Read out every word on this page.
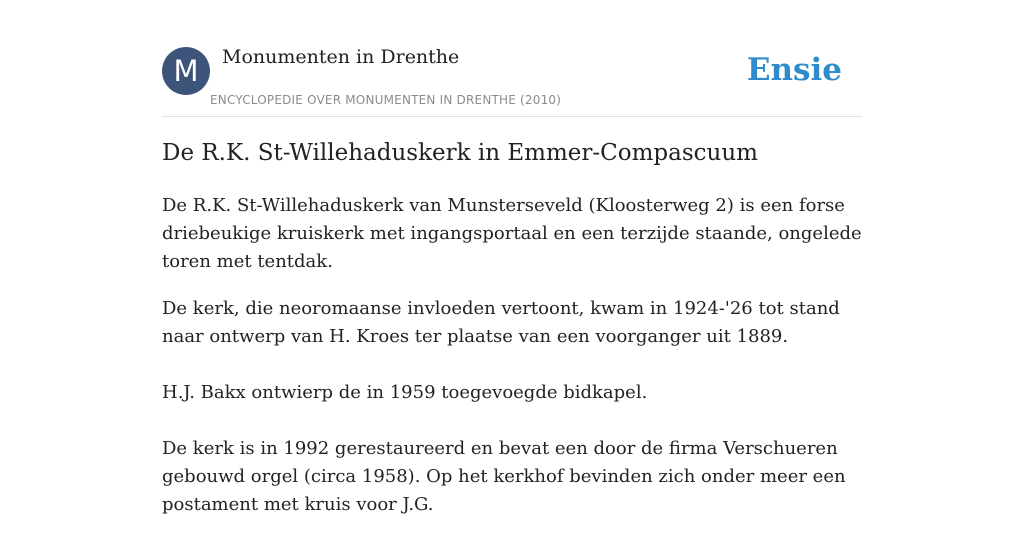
M	Monumenten in Drenthe
ENCYCLOPEDIE OVER MONUMENTEN IN DRENTHE (2010)
Ensie
De R.K. St-Willehaduskerk in Emmer-Compascuum

De R.K. St-Willehaduskerk van Munsterseveld (Kloosterweg 2) is een forse driebeukige kruiskerk met ingangsportaal en een terzijde staande, ongelede toren met tentdak.

De kerk, die neoromaanse invloeden vertoont, kwam in 1924-'26 tot stand naar ontwerp van H. Kroes ter plaatse van een voorganger uit 1889.

H.J. Bakx ontwierp de in 1959 toegevoegde bidkapel.

De kerk is in 1992 gerestaureerd en bevat een door de firma Verschueren gebouwd orgel (circa 1958). Op het kerkhof bevinden zich onder meer een postament met kruis voor J.G.
